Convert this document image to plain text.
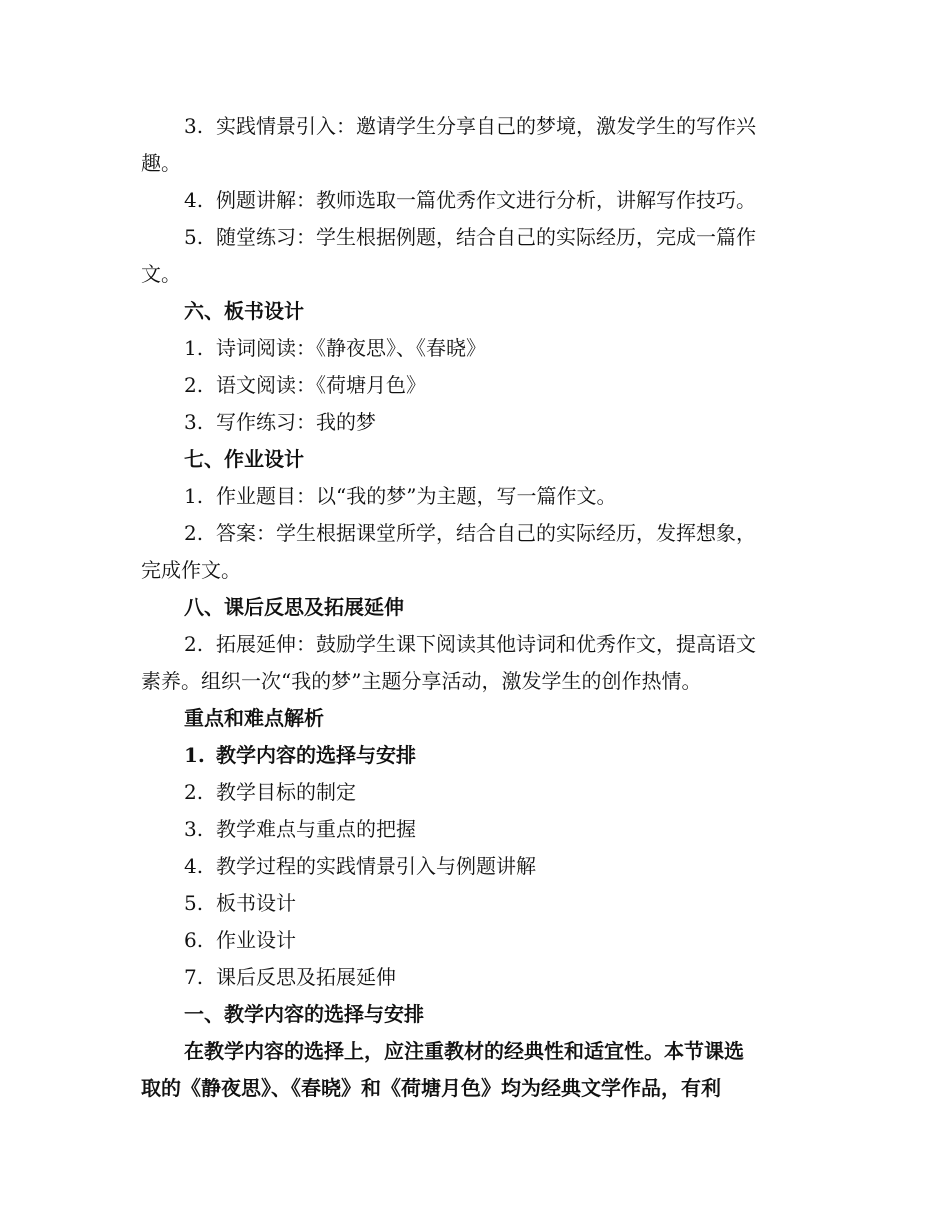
3. 实践情景引入：邀请学生分享自己的梦境，激发学生的写作兴
趣。
4. 例题讲解：教师选取一篇优秀作文进行分析，讲解写作技巧。
5. 随堂练习：学生根据例题，结合自己的实际经历，完成一篇作
文。
六、板书设计
1. 诗词阅读：《静夜思》、《春晓》
2. 语文阅读：《荷塘月色》
3. 写作练习：我的梦
七、作业设计
1. 作业题目：以“我的梦”为主题，写一篇作文。
2. 答案：学生根据课堂所学，结合自己的实际经历，发挥想象，
完成作文。
八、课后反思及拓展延伸
2. 拓展延伸：鼓励学生课下阅读其他诗词和优秀作文，提高语文
素养。组织一次“我的梦”主题分享活动，激发学生的创作热情。
重点和难点解析
1. 教学内容的选择与安排
2. 教学目标的制定
3. 教学难点与重点的把握
4. 教学过程的实践情景引入与例题讲解
5. 板书设计
6. 作业设计
7. 课后反思及拓展延伸
一、教学内容的选择与安排
在教学内容的选择上，应注重教材的经典性和适宜性。本节课选
取的《静夜思》、《春晓》和《荷塘月色》均为经典文学作品，有利
